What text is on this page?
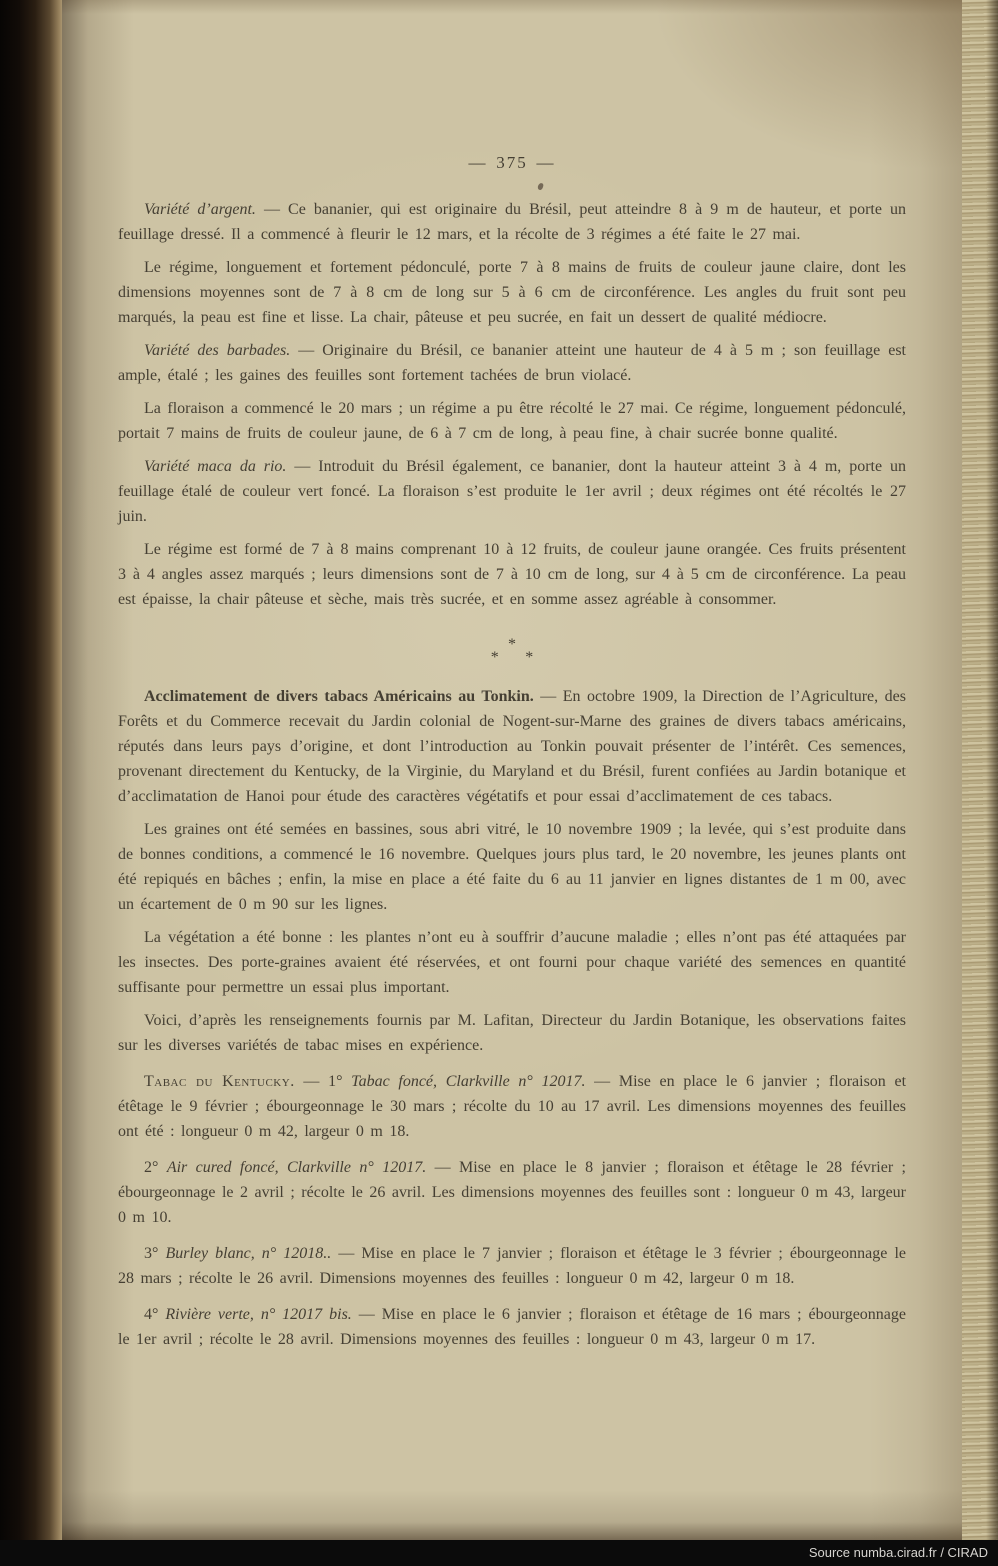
— 375 —

Variété d’argent. — Ce bananier, qui est originaire du Brésil, peut atteindre 8 à 9 m de hauteur, et porte un feuillage dressé. Il a commencé à fleurir le 12 mars, et la récolte de 3 régimes a été faite le 27 mai.

Le régime, longuement et fortement pédonculé, porte 7 à 8 mains de fruits de couleur jaune claire, dont les dimensions moyennes sont de 7 à 8 cm de long sur 5 à 6 cm de circonférence. Les angles du fruit sont peu marqués, la peau est fine et lisse. La chair, pâteuse et peu sucrée, en fait un dessert de qualité médiocre.

Variété des barbades. — Originaire du Brésil, ce bananier atteint une hauteur de 4 à 5 m ; son feuillage est ample, étalé ; les gaines des feuilles sont fortement tachées de brun violacé.

La floraison a commencé le 20 mars ; un régime a pu être récolté le 27 mai. Ce régime, longuement pédonculé, portait 7 mains de fruits de couleur jaune, de 6 à 7 cm de long, à peau fine, à chair sucrée bonne qualité.

Variété maca da rio. — Introduit du Brésil également, ce bananier, dont la hauteur atteint 3 à 4 m, porte un feuillage étalé de couleur vert foncé. La floraison s’est produite le 1er avril ; deux régimes ont été récoltés le 27 juin.

Le régime est formé de 7 à 8 mains comprenant 10 à 12 fruits, de couleur jaune orangée. Ces fruits présentent 3 à 4 angles assez marqués ; leurs dimensions sont de 7 à 10 cm de long, sur 4 à 5 cm de circonférence. La peau est épaisse, la chair pâteuse et sèche, mais très sucrée, et en somme assez agréable à consommer.

*
* *

Acclimatement de divers tabacs Américains au Tonkin. — En octobre 1909, la Direction de l’Agriculture, des Forêts et du Commerce recevait du Jardin colonial de Nogent-sur-Marne des graines de divers tabacs américains, réputés dans leurs pays d’origine, et dont l’introduction au Tonkin pouvait présenter de l’intérêt. Ces semences, provenant directement du Kentucky, de la Virginie, du Maryland et du Brésil, furent confiées au Jardin botanique et d’acclimatation de Hanoi pour étude des caractères végétatifs et pour essai d’acclimatement de ces tabacs.

Les graines ont été semées en bassines, sous abri vitré, le 10 novembre 1909 ; la levée, qui s’est produite dans de bonnes conditions, a commencé le 16 novembre. Quelques jours plus tard, le 20 novembre, les jeunes plants ont été repiqués en bâches ; enfin, la mise en place a été faite du 6 au 11 janvier en lignes distantes de 1 m 00, avec un écartement de 0 m 90 sur les lignes.

La végétation a été bonne : les plantes n’ont eu à souffrir d’aucune maladie ; elles n’ont pas été attaquées par les insectes. Des porte-graines avaient été réservées, et ont fourni pour chaque variété des semences en quantité suffisante pour permettre un essai plus important.

Voici, d’après les renseignements fournis par M. Lafitan, Directeur du Jardin Botanique, les observations faites sur les diverses variétés de tabac mises en expérience.

Tabac du Kentucky. — 1° Tabac foncé, Clarkville n° 12017. — Mise en place le 6 janvier ; floraison et étêtage le 9 février ; ébourgeonnage le 30 mars ; récolte du 10 au 17 avril. Les dimensions moyennes des feuilles ont été : longueur 0 m 42, largeur 0 m 18.

2° Air cured foncé, Clarkville n° 12017. — Mise en place le 8 janvier ; floraison et étêtage le 28 février ; ébourgeonnage le 2 avril ; récolte le 26 avril. Les dimensions moyennes des feuilles sont : longueur 0 m 43, largeur 0 m 10.

3° Burley blanc, n° 12018.. — Mise en place le 7 janvier ; floraison et étêtage le 3 février ; ébourgeonnage le 28 mars ; récolte le 26 avril. Dimensions moyennes des feuilles : longueur 0 m 42, largeur 0 m 18.

4° Rivière verte, n° 12017 bis. — Mise en place le 6 janvier ; floraison et étêtage de 16 mars ; ébourgeonnage le 1er avril ; récolte le 28 avril. Dimensions moyennes des feuilles : longueur 0 m 43, largeur 0 m 17.

Source numba.cirad.fr / CIRAD
